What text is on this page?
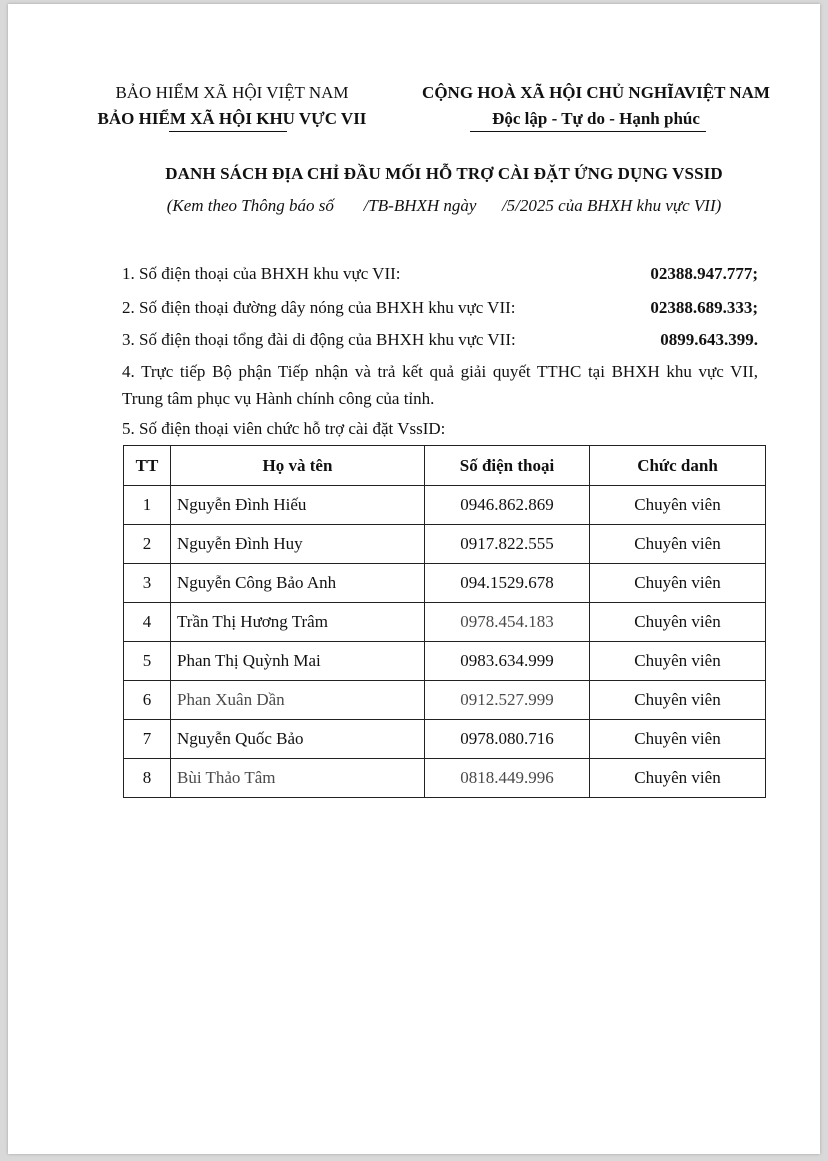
BẢO HIỂM XÃ HỘI VIỆT NAM
BẢO HIỂM XÃ HỘI KHU VỰC VII
CỘNG HOÀ XÃ HỘI CHỦ NGHĨAVIỆT NAM
Độc lập - Tự do - Hạnh phúc
DANH SÁCH ĐỊA CHỈ ĐẦU MỐI HỖ TRỢ CÀI ĐẶT ỨNG DỤNG VSSID
(Kem theo Thông báo số       /TB-BHXH ngày      /5/2025 của BHXH khu vực VII)
1. Số điện thoại của BHXH khu vực VII:	02388.947.777;
2. Số điện thoại đường dây nóng của BHXH khu vực VII:	02388.689.333;
3. Số điện thoại tổng đài di động của BHXH khu vực VII:	0899.643.399.
4. Trực tiếp Bộ phận Tiếp nhận và trả kết quả giải quyết TTHC tại BHXH khu vực VII, Trung tâm phục vụ Hành chính công của tỉnh.
5. Số điện thoại viên chức hỗ trợ cài đặt VssID:
TT	Họ và tên	Số điện thoại	Chức danh
1	Nguyễn Đình Hiếu	0946.862.869	Chuyên viên
2	Nguyễn Đình Huy	0917.822.555	Chuyên viên
3	Nguyễn Công Bảo Anh	094.1529.678	Chuyên viên
4	Trần Thị Hương Trâm	0978.454.183	Chuyên viên
5	Phan Thị Quỳnh Mai	0983.634.999	Chuyên viên
6	Phan Xuân Dần	0912.527.999	Chuyên viên
7	Nguyễn Quốc Bảo	0978.080.716	Chuyên viên
8	Bùi Thảo Tâm	0818.449.996	Chuyên viên
